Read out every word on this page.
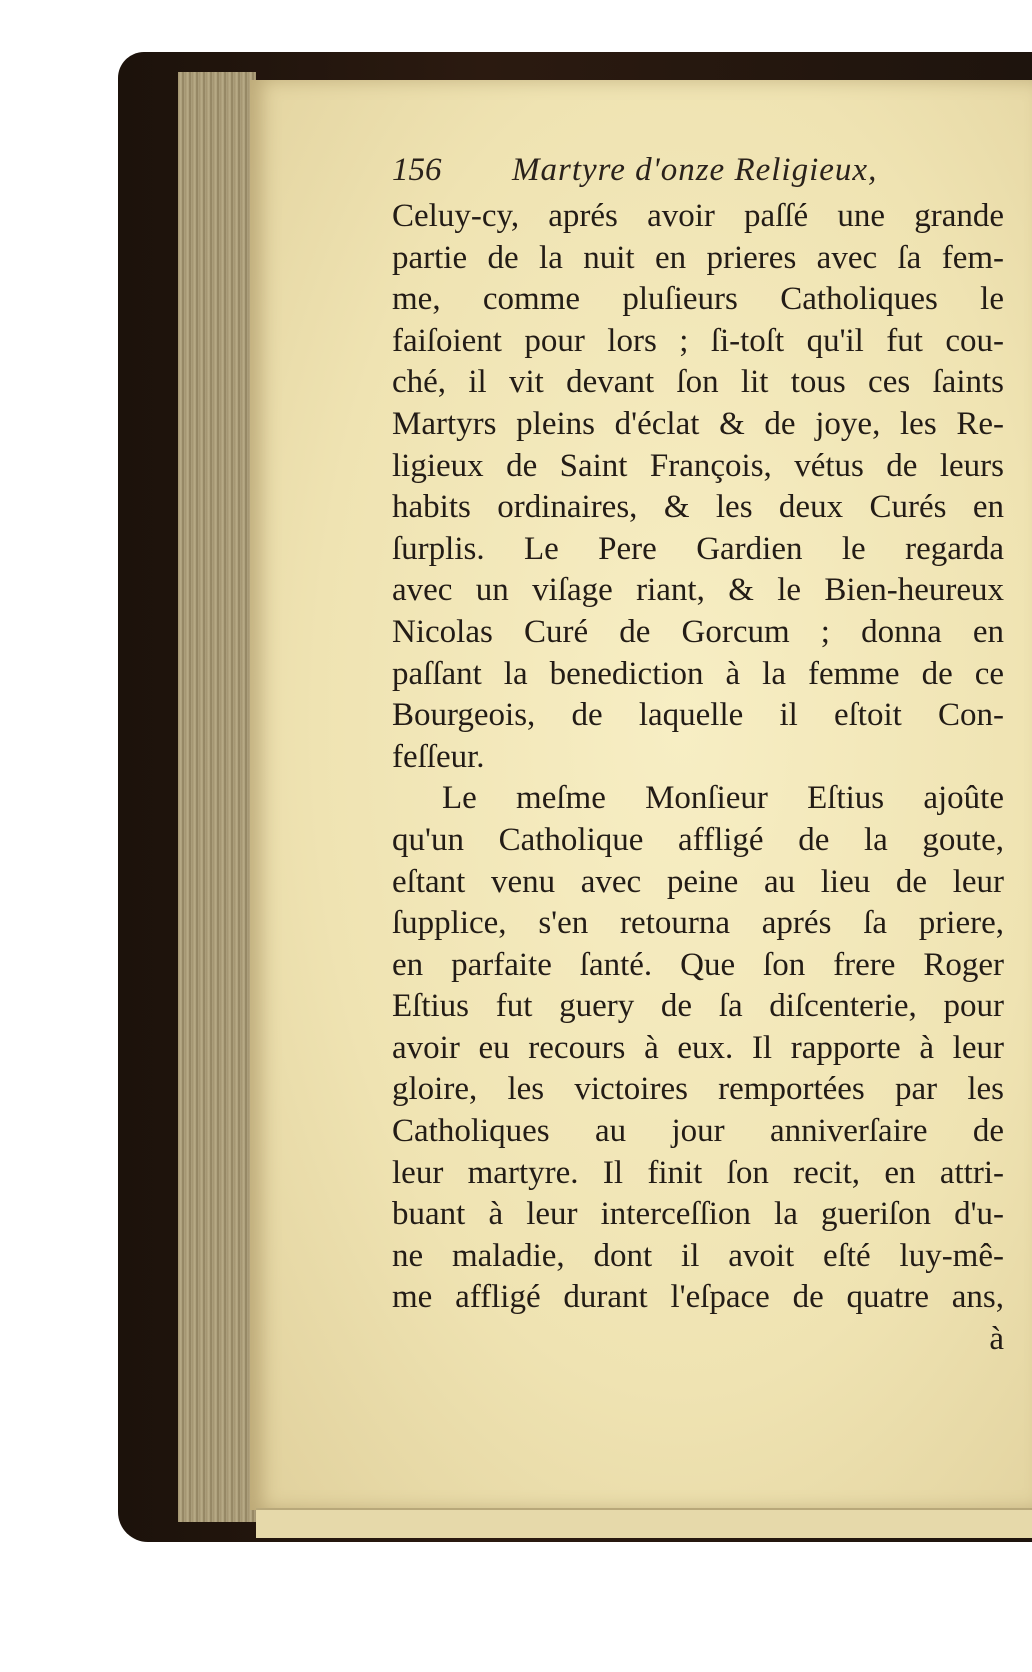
156 Martyre d'onze Religieux,
Celuy-cy, aprés avoir paſſé une grande
partie de la nuit en prieres avec ſa fem-
me, comme pluſieurs Catholiques le
faiſoient pour lors ; ſi-toſt qu'il fut cou-
ché, il vit devant ſon lit tous ces ſaints
Martyrs pleins d'éclat & de joye, les Re-
ligieux de Saint François, vétus de leurs
habits ordinaires, & les deux Curés en
ſurplis. Le Pere Gardien le regarda
avec un viſage riant, & le Bien-heureux
Nicolas Curé de Gorcum ; donna en
paſſant la benediction à la femme de ce
Bourgeois, de laquelle il eſtoit Con-
feſſeur.
Le meſme Monſieur Eſtius ajoûte
qu'un Catholique affligé de la goute,
eſtant venu avec peine au lieu de leur
ſupplice, s'en retourna aprés ſa priere,
en parfaite ſanté. Que ſon frere Roger
Eſtius fut guery de ſa diſcenterie, pour
avoir eu recours à eux. Il rapporte à leur
gloire, les victoires remportées par les
Catholiques au jour anniverſaire de
leur martyre. Il finit ſon recit, en attri-
buant à leur interceſſion la gueriſon d'u-
ne maladie, dont il avoit eſté luy-mê-
me affligé durant l'eſpace de quatre ans,
à
